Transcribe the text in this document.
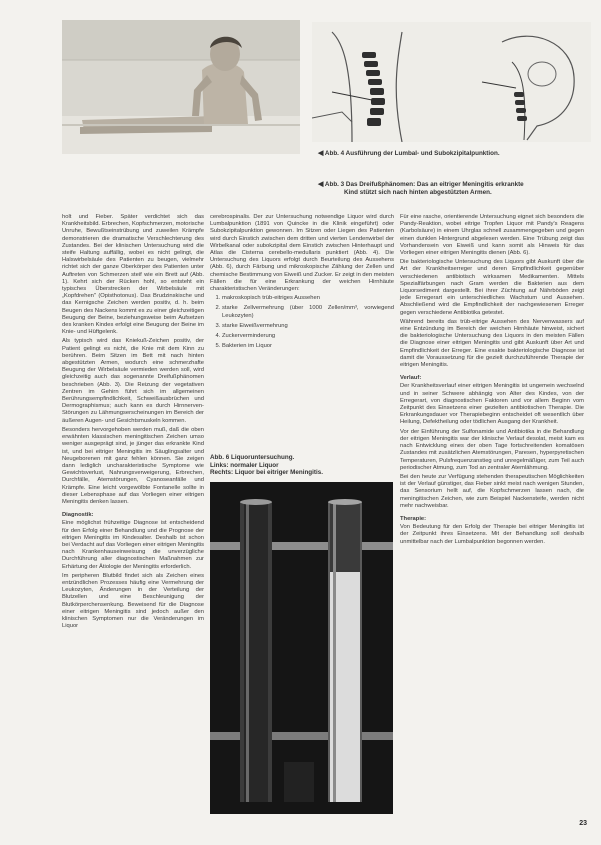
◀ Abb. 4 Ausführung der Lumbal- und Subokzipitalpunktion.
◀ Abb. 3 Das Dreifußphänomen: Das an eitriger Meningitis erkrankte
Kind stützt sich nach hinten abgestützten Armen.

holt und Fieber. Später verdichtet sich das Krankheitsbild. Erbrechen, Kopfschmerzen, motorische Unruhe, Bewußtseinstrübung und zuweilen Krämpfe demonstrieren die dramatische Verschlechterung des Zustandes. Bei der klinischen Untersuchung wird die steife Haltung auffällig, wobei es nicht gelingt, die Halswirbelsäule des Patienten zu beugen, vielmehr richtet sich der ganze Oberkörper des Patienten unter Auftreten von Schmerzen steif wie ein Brett auf (Abb. 1). Kehrt sich der Rücken hohl, so entsteht ein typisches Überstrecken der Wirbelsäule mit „Kopfdrehen" (Opisthotonus). Das Brudzinskische und das Kernigsche Zeichen werden positiv, d. h. beim Beugen des Nackens kommt es zu einer gleichzeitigen Beugung der Beine, beziehungsweise beim Aufsetzen des kranken Kindes erfolgt eine Beugung der Beine im Knie- und Hüftgelenk.

Als typisch wird das Kniekuß-Zeichen positiv, der Patient gelingt es nicht, die Knie mit dem Kinn zu berühren. Beim Sitzen im Bett mit nach hinten abgestützten Armen, wodurch eine schmerzhafte Beugung der Wirbelsäule vermieden werden soll, wird gleichzeitig auch das sogenannte Dreifußphänomen beschrieben (Abb. 3). Die Reizung der vegetativen Zentren im Gehirn führt sich im allgemeinen Berührungsempfindlichkeit, Schweißausbrüchen und Dermographismus; auch kann es durch Hirnnerven-Störungen zu Lähmungserscheinungen im Bereich der äußeren Augen- und Gesichtsmuskeln kommen.

Besonders hervorgehoben werden muß, daß die oben erwähnten klassischen meningitischen Zeichen umso weniger ausgeprägt sind, je jünger das erkrankte Kind ist, und bei eitriger Meningitis im Säuglingsalter und Neugeborenen mit ganz fehlen können. Sie zeigen dann lediglich uncharakteristische Symptome wie Gewichtsverlust, Nahrungsverweigerung, Erbrechen, Durchfälle, Atemstörungen, Cyanoseanfälle und Krämpfe. Eine leicht vorgewölbte Fontanelle sollte in dieser Lebensphase auf das Vorliegen einer eitrigen Meningitis denken lassen.

Diagnostik:

Eine möglichst frühzeitige Diagnose ist entscheidend für den Erfolg einer Behandlung und die Prognose der eitrigen Meningitis im Kindesalter. Deshalb ist schon bei Verdacht auf das Vorliegen einer eitrigen Meningitis nach Krankenhauseinweisung die unverzügliche Durchführung aller diagnostischen Maßnahmen zur Erhärtung der Ätiologie der Meningitis erforderlich.

Im peripheren Blutbild findet sich als Zeichen eines entzündlichen Prozesses häufig eine Vermehrung der Leukozyten, Änderungen in der Verteilung der Blutzellen und eine Beschleunigung der Blutkörperchensenkung. Beweisend für die Diagnose einer eitrigen Meningitis sind jedoch außer den klinischen Symptomen nur die Veränderungen im Liquor

cerebrospinalis. Der zur Untersuchung notwendige Liquor wird durch Lumbalpunktion (1891 von Quincke in die Klinik eingeführt) oder Subokzipitalpunktion gewonnen. Im Sitzen oder Liegen des Patienten wird durch Einstich zwischen dem dritten und vierten Lendenwirbel der Wirbelkanal oder subokzipital dem Einstich zwischen Hinterhaupt und Atlas die Cisterna cerebello-medullaris punktiert (Abb. 4). Die Untersuchung des Liquors erfolgt durch Beurteilung des Aussehens (Abb. 6), durch Färbung und mikroskopische Zählung der Zellen und chemische Bestimmung von Eiweiß und Zucker. Er zeigt in den meisten Fällen die für eine Erkrankung der weichen Hirnhäute charakteristischen Veränderungen:

1. makroskopisch trüb-eitriges Aussehen
2. starke Zellvermehrung (über 1000 Zellen/mm³, vorwiegend Leukozyten)
3. starke Eiweißvermehrung
4. Zuckerverminderung
5. Bakterien im Liquor
Abb. 6 Liquoruntersuchung.
Links: normaler Liquor
Rechts: Liquor bei eitriger Meningitis.

Für eine rasche, orientierende Untersuchung eignet sich besonders die Pandy-Reaktion, wobei eitrige Tropfen Liquor mit Pandy's Reagens (Karbolsäure) in einem Uhrglas schnell zusammengegeben und gegen einen dunklen Hintergrund abgelesen werden. Eine Trübung zeigt das Vorhandensein von Eiweiß und kann somit als Hinweis für das Vorliegen einer eitrigen Meningitis dienen (Abb. 6).

Die bakteriologische Untersuchung des Liquors gibt Auskunft über die Art der Krankheitserreger und deren Empfindlichkeit gegenüber verschiedenen antibiotisch wirksamen Medikamenten. Mittels Spezialfärbungen nach Gram werden die Bakterien aus dem Liquorsediment dargestellt. Bei ihrer Züchtung auf Nährböden zeigt jede Erregerart ein unterschiedliches Wachstum und Aussehen. Abschließend wird die Empfindlichkeit der nachgewiesenen Erreger gegen verschiedene Antibiotika getestet.

Während bereits das trüb-eitrige Aussehen des Nervenwassers auf eine Entzündung im Bereich der weichen Hirnhäute hinweist, sichert die bakteriologische Untersuchung des Liquors in den meisten Fällen die Diagnose einer eitrigen Meningitis und gibt Auskunft über Art und Empfindlichkeit der Erreger. Eine exakte bakteriologische Diagnose ist damit die Voraussetzung für die gezielt durchzuführende Therapie der eitrigen Meningitis.

Verlauf:

Der Krankheitsverlauf einer eitrigen Meningitis ist ungemein wechselnd und in seiner Schwere abhängig von Alter des Kindes, von der Erregerart, von diagnostischen Faktoren und vor allem Beginn vom Zeitpunkt des Einsetzens einer gezielten antibiotischen Therapie. Die Erkrankungsdauer vor Therapiebeginn entscheidet oft wesentlich über Heilung, Defektheilung oder tödlichen Ausgang der Krankheit.

Vor der Einführung der Sulfonamide und Antibiotika in die Behandlung der eitrigen Meningitis war der klinische Verlauf desolat, meist kam es nach Entwicklung eines der oben Tage fortschreitenden komatösen Zustandes mit zusätzlichen Atemstörungen, Paresen, hyperpyretischen Temperaturen, Pulsfrequenzanstieg und unregelmäßiger, zum Teil auch periodischer Atmung, zum Tod an zentraler Atemlähmung.

Bei den heute zur Verfügung stehenden therapeutischen Möglichkeiten ist der Verlauf günstiger, das Fieber sinkt meist nach wenigen Stunden, das Sensorium hellt auf, die Kopfschmerzen lassen nach, die meningitischen Zeichen, wie zum Beispiel Nackensteife, werden nicht mehr nachweisbar.

Therapie:

Von Bedeutung für den Erfolg der Therapie bei eitriger Meningitis ist der Zeitpunkt ihres Einsetzens. Mit der Behandlung soll deshalb unmittelbar nach der Lumbalpunktion begonnen werden.

23
